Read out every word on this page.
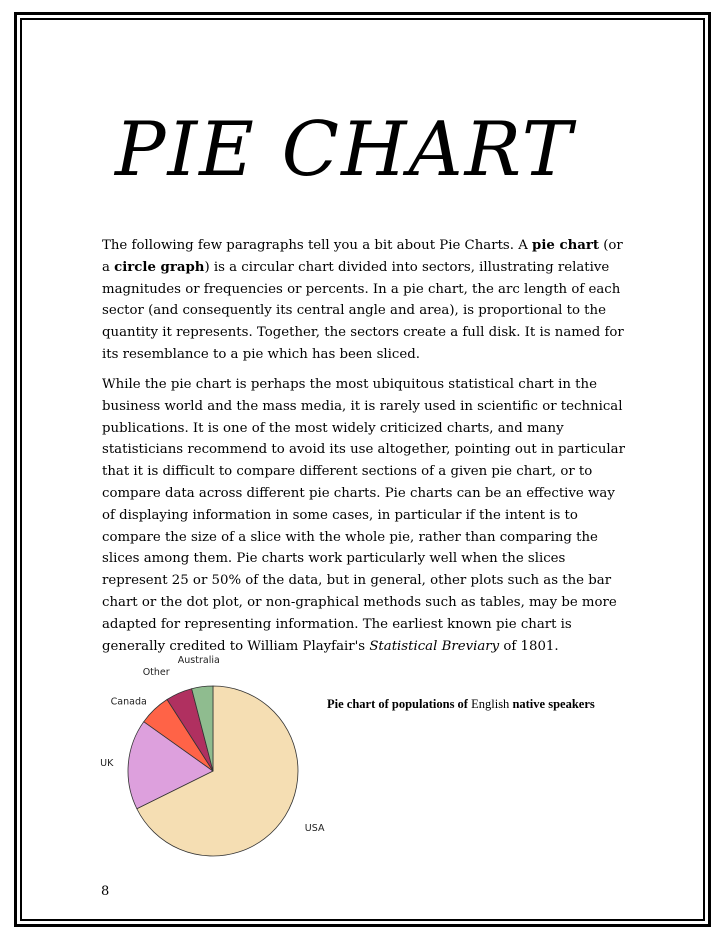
PIE CHART

The following few paragraphs tell you a bit about Pie Charts. A pie chart (or a circle graph) is a circular chart divided into sectors, illustrating relative magnitudes or frequencies or percents. In a pie chart, the arc length of each sector (and consequently its central angle and area), is proportional to the quantity it represents. Together, the sectors create a full disk. It is named for its resemblance to a pie which has been sliced.

While the pie chart is perhaps the most ubiquitous statistical chart in the business world and the mass media, it is rarely used in scientific or technical publications. It is one of the most widely criticized charts, and many statisticians recommend to avoid its use altogether, pointing out in particular that it is difficult to compare different sections of a given pie chart, or to compare data across different pie charts. Pie charts can be an effective way of displaying information in some cases, in particular if the intent is to compare the size of a slice with the whole pie, rather than comparing the slices among them. Pie charts work particularly well when the slices represent 25 or 50% of the data, but in general, other plots such as the bar chart or the dot plot, or non-graphical methods such as tables, may be more adapted for representing information. The earliest known pie chart is generally credited to William Playfair's Statistical Breviary of 1801.

USA
UK
Canada
Other
Australia

Pie chart of populations of English native speakers

8
